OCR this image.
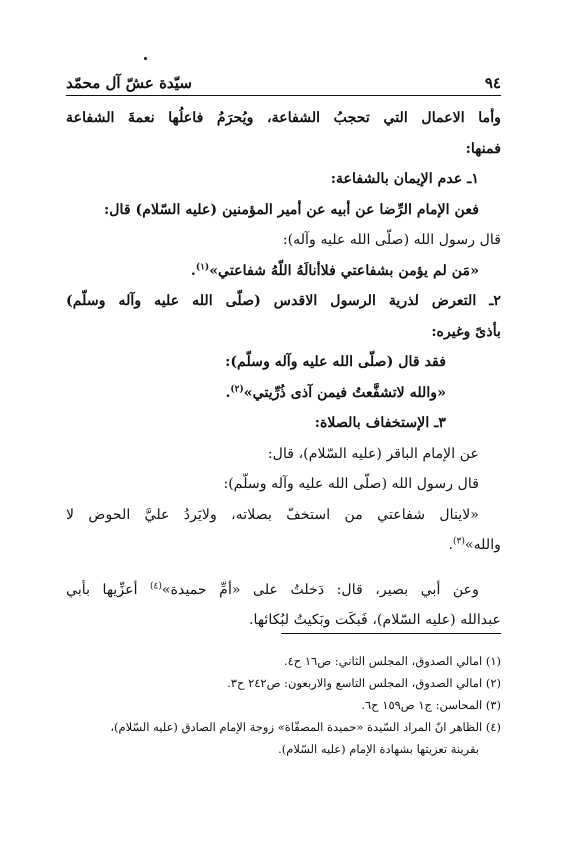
٩٤
سيّدة عشّ آل محمّد
وأما الاعمال التي تحجبُ الشفاعة، ويُحرَمُ فاعلُها نعمةَ الشفاعة
فمنها:
١ـ عدم الإيمان بالشفاعة:
فعن الإمام الرِّضا عن أبيه عن أمير المؤمنين (عليه السّلام) قال:
قال رسول الله (صلّى الله عليه وآله):
«مَن لم يؤمن بشفاعتي فلاأنالَهُ اللّهُ شفاعتي»$^{(١)}$.
٢ـ التعرض لذرية الرسول الاقدس (صلّى الله عليه وآله وسلّم)
بأذىً وغيره:
فقد قال (صلّى الله عليه وآله وسلّم):
«والله لاتشفَّعتُ فيمن آذى ذُرِّيتي»$^{(٢)}$.
٣ـ الإستخفاف بالصلاة:
عن الإمام الباقر (عليه السّلام)، قال:
قال رسول الله (صلّى الله عليه وآله وسلّم):
«لاينال شفاعتي من استخفّ بصلاته، ولايَردُ عليَّ الحوض لا
والله»$^{(٣)}$.
وعن أبي بصير، قال: دَخلتُ على «أمِّ حميدة»$^{(٤)}$ أعزِّيها بأبي
عبدالله (عليه السّلام)، فَبكَت وبَكيتُ لبُكائها.
(١) امالي الصدوق، المجلس الثاني: ص١٦ ح٤.
(٢) امالي الصدوق، المجلس التاسع والاربعون: ص٢٤٢ ح٣.
(٣) المحاسن: ج١ ص١٥٩ ح٦.
(٤) الظاهر انّ المراد السّيدة «حميدة المصفّاة» زوجة الإمام الصادق (عليه السّلام)،
بقرينة تعزيتها بشهادة الإمام (عليه السّلام).
